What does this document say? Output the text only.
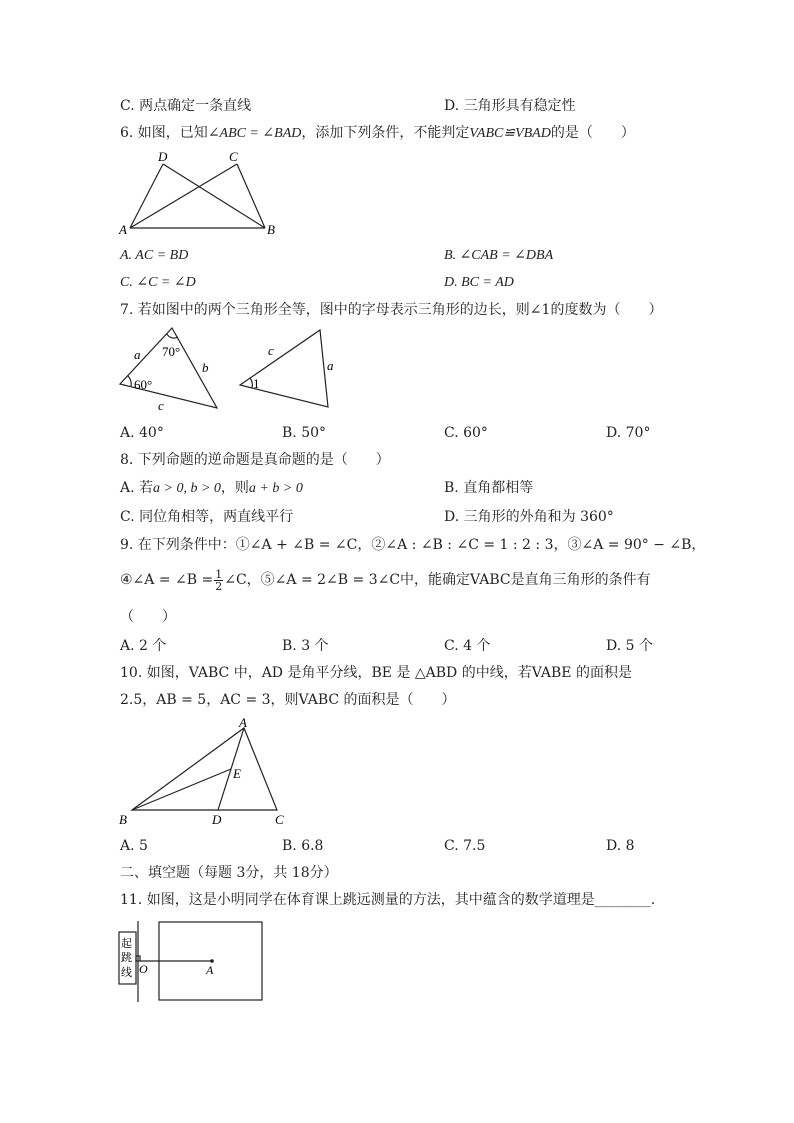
C. 两点确定一条直线	D. 三角形具有稳定性
6. 如图，已知∠ABC = ∠BAD，添加下列条件，不能判定VABC≌VBAD的是（　　）
D	C
A	B
A. AC = BD	B. ∠CAB = ∠DBA
C. ∠C = ∠D	D. BC = AD
7. 若如图中的两个三角形全等，图中的字母表示三角形的边长，则∠1的度数为（　　）
a
b
c
70°
60°
c
a
1
A. 40°	B. 50°	C. 60°	D. 70°
8. 下列命题的逆命题是真命题的是（　　）
A. 若a > 0, b > 0，则a + b > 0	B. 直角都相等
C. 同位角相等，两直线平行	D. 三角形的外角和为 360°
9. 在下列条件中：①∠A + ∠B = ∠C，②∠A : ∠B : ∠C = 1 : 2 : 3，③∠A = 90° − ∠B，
④∠A = ∠B = $\frac{1}{2}$ ∠C，⑤∠A = 2∠B = 3∠C中，能确定VABC是直角三角形的条件有
（　　）
A. 2 个	B. 3 个	C. 4 个	D. 5 个
10. 如图，VABC 中，AD 是角平分线，BE 是 △ABD 的中线，若VABE 的面积是
2.5，AB = 5，AC = 3，则VABC 的面积是（　　）
A
E
B	D	C
A. 5	B. 6.8	C. 7.5	D. 8
二、填空题（每题 3分，共 18分）
11. 如图，这是小明同学在体育课上跳远测量的方法，其中蕴含的数学道理是________.
起
跳
线 O	A
